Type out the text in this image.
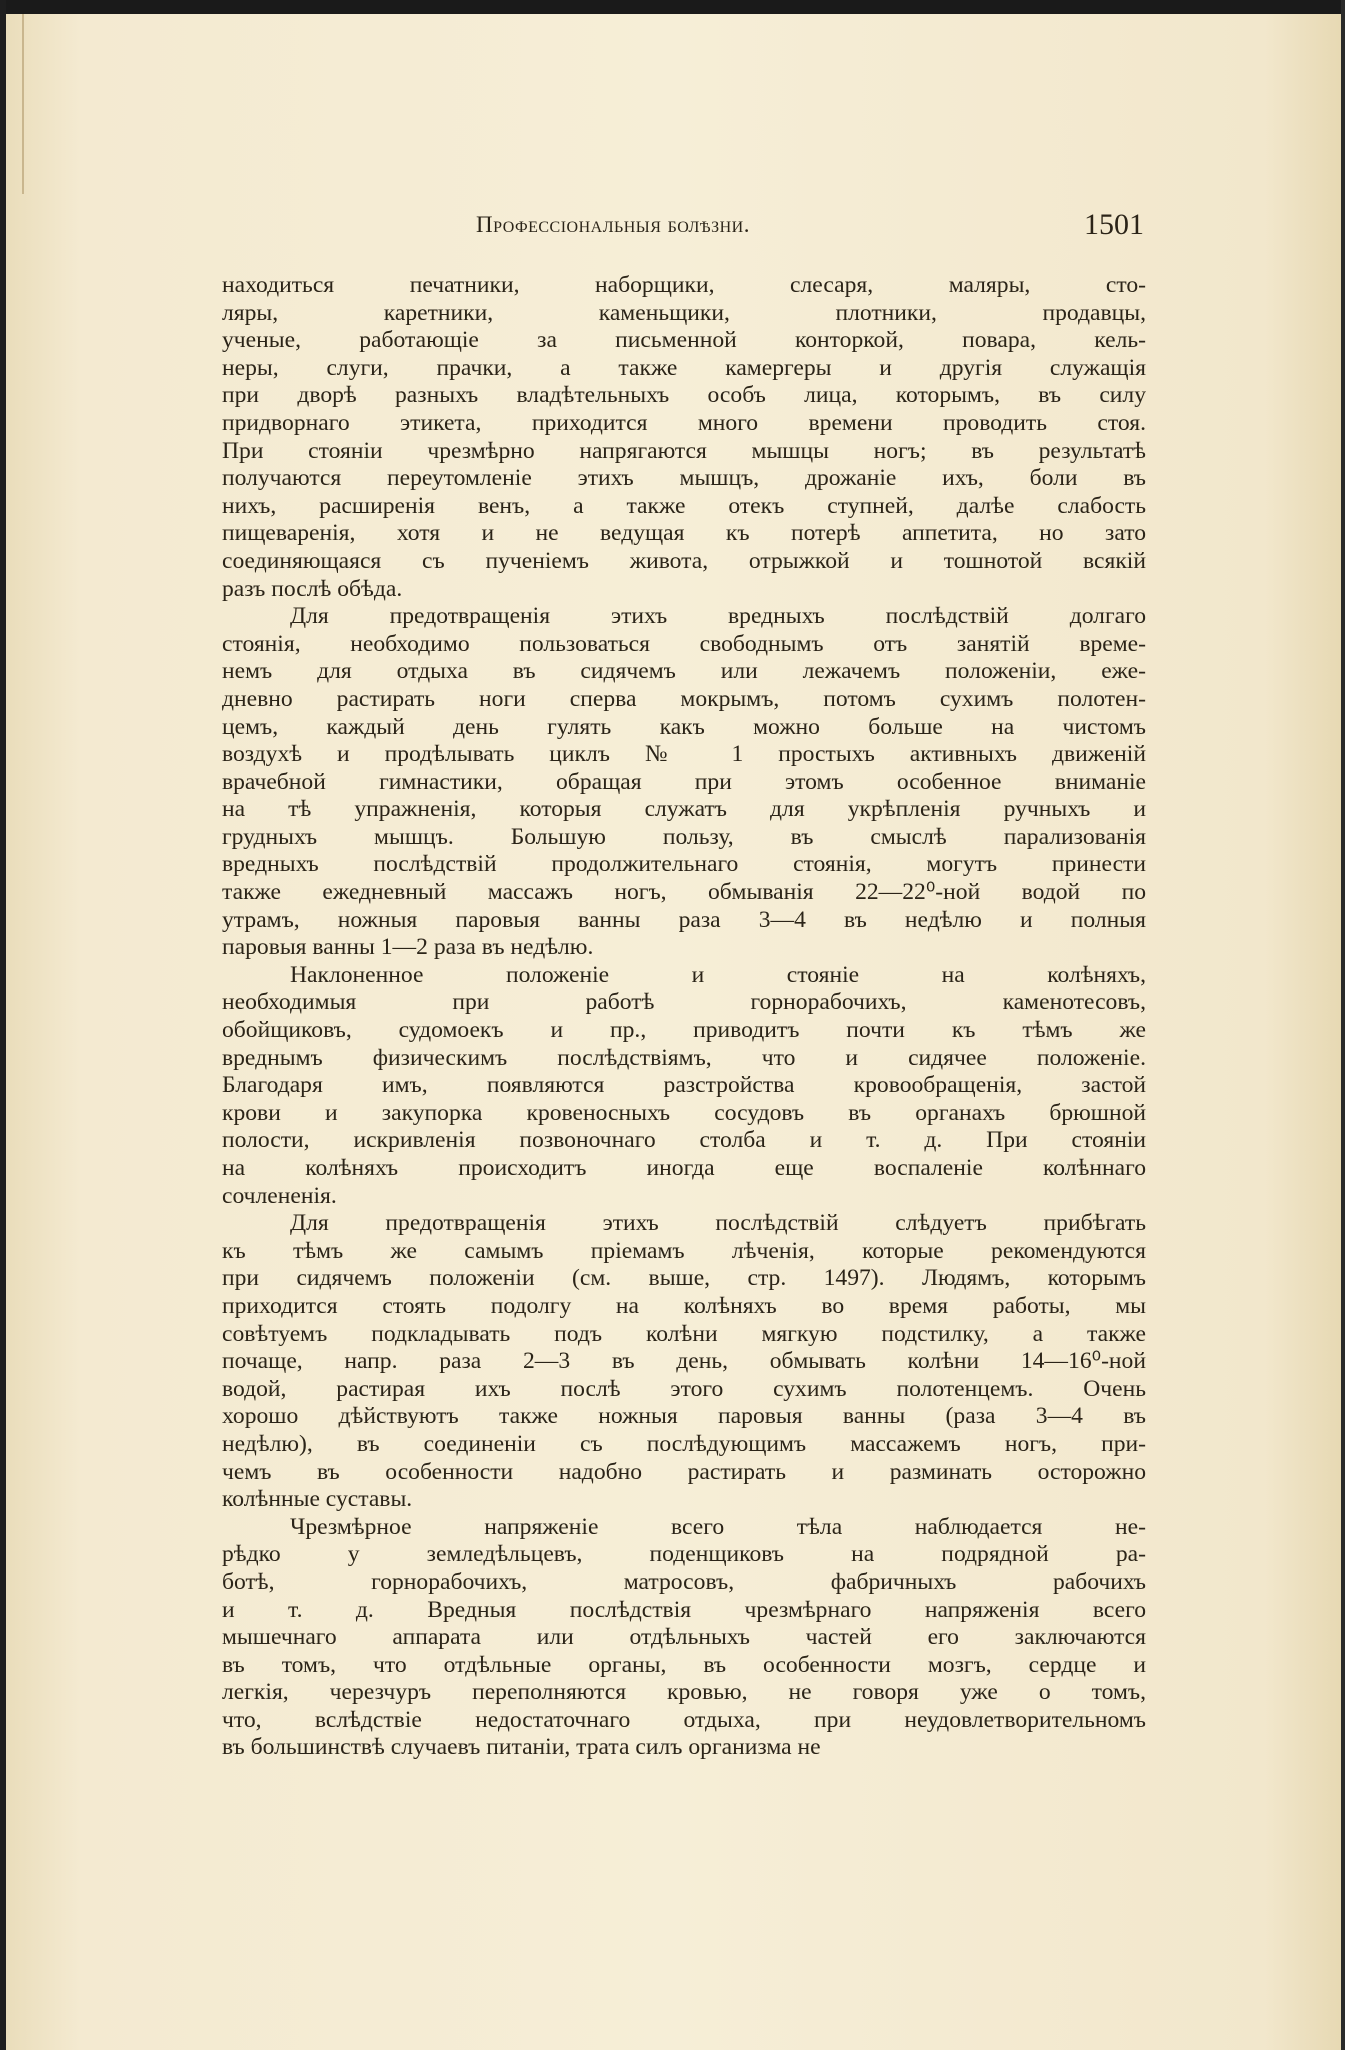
Профессіональныя болѣзни.	1501
находиться печатники, наборщики, слесаря, маляры, сто-
ляры, каретники, каменьщики, плотники, продавцы,
ученые, работающіе за письменной конторкой, повара, кель-
неры, слуги, прачки, а также камергеры и другія служащія
при дворѣ разныхъ владѣтельныхъ особъ лица, которымъ, въ силу
придворнаго этикета, приходится много времени проводить стоя.
При стояніи чрезмѣрно напрягаются мышцы ногъ; въ результатѣ
получаются переутомленіе этихъ мышцъ, дрожаніе ихъ, боли въ
нихъ, расширенія венъ, а также отекъ ступней, далѣе слабость
пищеваренія, хотя и не ведущая къ потерѣ аппетита, но зато
соединяющаяся съ пученіемъ живота, отрыжкой и тошнотой всякій
разъ послѣ обѣда.
Для предотвращенія этихъ вредныхъ послѣдствій долгаго
стоянія, необходимо пользоваться свободнымъ отъ занятій време-
немъ для отдыха въ сидячемъ или лежачемъ положеніи, еже-
дневно растирать ноги сперва мокрымъ, потомъ сухимъ полотен-
цемъ, каждый день гулять какъ можно больше на чистомъ
воздухѣ и продѣлывать циклъ № 1 простыхъ активныхъ движеній
врачебной гимнастики, обращая при этомъ особенное вниманіе
на тѣ упражненія, которыя служатъ для укрѣпленія ручныхъ и
грудныхъ мышцъ. Большую пользу, въ смыслѣ парализованія
вредныхъ послѣдствій продолжительнаго стоянія, могутъ принести
также ежедневный массажъ ногъ, обмыванія 22—22⁰-ной водой по
утрамъ, ножныя паровыя ванны раза 3—4 въ недѣлю и полныя
паровыя ванны 1—2 раза въ недѣлю.
Наклоненное положеніе и стояніе на колѣняхъ,
необходимыя при работѣ горнорабочихъ, каменотесовъ,
обойщиковъ, судомоекъ и пр., приводитъ почти къ тѣмъ же
вреднымъ физическимъ послѣдствіямъ, что и сидячее положеніе.
Благодаря имъ, появляются разстройства кровообращенія, застой
крови и закупорка кровеносныхъ сосудовъ въ органахъ брюшной
полости, искривленія позвоночнаго столба и т. д. При стояніи
на колѣняхъ происходитъ иногда еще воспаленіе колѣннаго
сочлененія.
Для предотвращенія этихъ послѣдствій слѣдуетъ прибѣгать
къ тѣмъ же самымъ пріемамъ лѣченія, которые рекомендуются
при сидячемъ положеніи (см. выше, стр. 1497). Людямъ, которымъ
приходится стоять подолгу на колѣняхъ во время работы, мы
совѣтуемъ подкладывать подъ колѣни мягкую подстилку, а также
почаще, напр. раза 2—3 въ день, обмывать колѣни 14—16⁰-ной
водой, растирая ихъ послѣ этого сухимъ полотенцемъ. Очень
хорошо дѣйствуютъ также ножныя паровыя ванны (раза 3—4 въ
недѣлю), въ соединеніи съ послѣдующимъ массажемъ ногъ, при-
чемъ въ особенности надобно растирать и разминать осторожно
колѣнные суставы.
Чрезмѣрное напряженіе всего тѣла наблюдается не-
рѣдко у земледѣльцевъ, поденщиковъ на подрядной ра-
ботѣ, горнорабочихъ, матросовъ, фабричныхъ рабочихъ
и т. д. Вредныя послѣдствія чрезмѣрнаго напряженія всего
мышечнаго аппарата или отдѣльныхъ частей его заключаются
въ томъ, что отдѣльные органы, въ особенности мозгъ, сердце и
легкія, черезчуръ переполняются кровью, не говоря уже о томъ,
что, вслѣдствіе недостаточнаго отдыха, при неудовлетворительномъ
въ большинствѣ случаевъ питаніи, трата силъ организма не
